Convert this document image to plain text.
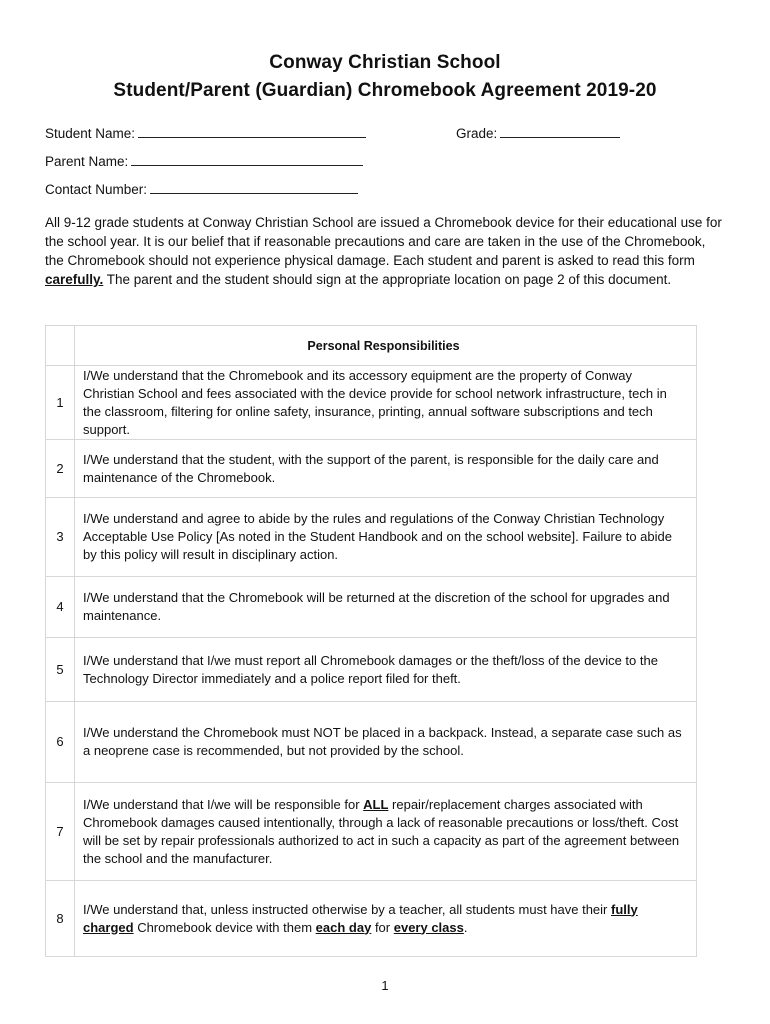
Conway Christian School
Student/Parent (Guardian) Chromebook Agreement 2019-20
Student Name:	Grade:
Parent Name:
Contact Number:
All 9-12 grade students at Conway Christian School are issued a Chromebook device for their educational use for the school year. It is our belief that if reasonable precautions and care are taken in the use of the Chromebook, the Chromebook should not experience physical damage. Each student and parent is asked to read this form carefully. The parent and the student should sign at the appropriate location on page 2 of this document.
	Personal Responsibilities
1	I/We understand that the Chromebook and its accessory equipment are the property of Conway Christian School and fees associated with the device provide for school network infrastructure, tech in the classroom, filtering for online safety, insurance, printing, annual software subscriptions and tech support.
2	I/We understand that the student, with the support of the parent, is responsible for the daily care and maintenance of the Chromebook.
3	I/We understand and agree to abide by the rules and regulations of the Conway Christian Technology Acceptable Use Policy [As noted in the Student Handbook and on the school website]. Failure to abide by this policy will result in disciplinary action.
4	I/We understand that the Chromebook will be returned at the discretion of the school for upgrades and maintenance.
5	I/We understand that I/we must report all Chromebook damages or the theft/loss of the device to the Technology Director immediately and a police report filed for theft.
6	I/We understand the Chromebook must NOT be placed in a backpack. Instead, a separate case such as a neoprene case is recommended, but not provided by the school.
7	I/We understand that I/we will be responsible for ALL repair/replacement charges associated with Chromebook damages caused intentionally, through a lack of reasonable precautions or loss/theft. Cost will be set by repair professionals authorized to act in such a capacity as part of the agreement between the school and the manufacturer.
8	I/We understand that, unless instructed otherwise by a teacher, all students must have their fully charged Chromebook device with them each day for every class.
1
